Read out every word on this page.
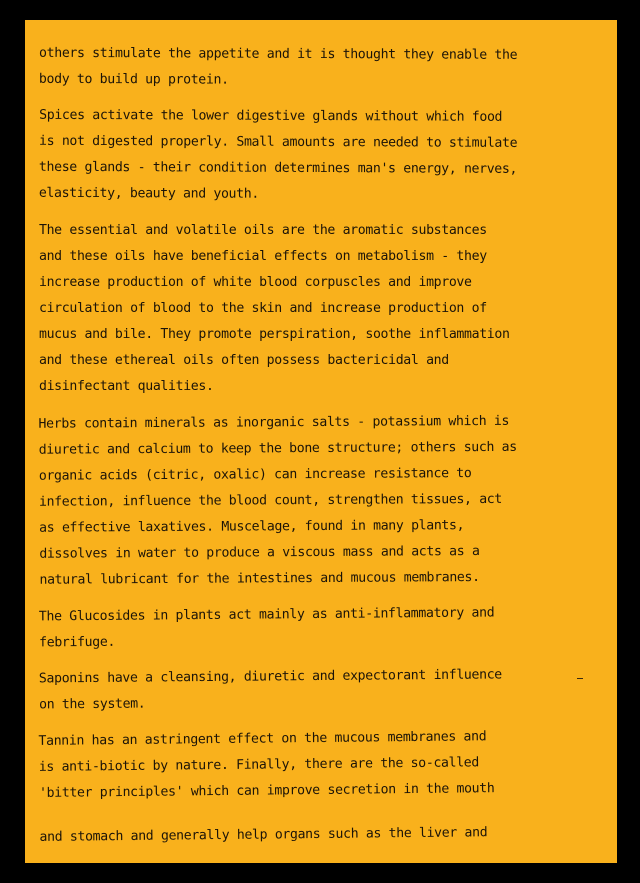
others stimulate the appetite and it is thought they enable the
body to build up protein.
Spices activate the lower digestive glands without which food
is not digested properly. Small amounts are needed to stimulate
these glands - their condition determines man's energy, nerves,
elasticity, beauty and youth.
The essential and volatile oils are the aromatic substances
and these oils have beneficial effects on metabolism - they
increase production of white blood corpuscles and improve
circulation of blood to the skin and increase production of
mucus and bile. They promote perspiration, soothe inflammation
and these ethereal oils often possess bactericidal and
disinfectant qualities.
Herbs contain minerals as inorganic salts - potassium which is
diuretic and calcium to keep the bone structure; others such as
organic acids (citric, oxalic) can increase resistance to
infection, influence the blood count, strengthen tissues, act
as effective laxatives. Muscelage, found in many plants,
dissolves in water to produce a viscous mass and acts as a
natural lubricant for the intestines and mucous membranes.
The Glucosides in plants act mainly as anti-inflammatory and
febrifuge.
Saponins have a cleansing, diuretic and expectorant influence
on the system.
Tannin has an astringent effect on the mucous membranes and
is anti-biotic by nature. Finally, there are the so-called
'bitter principles' which can improve secretion in the mouth
and stomach and generally help organs such as the liver and
